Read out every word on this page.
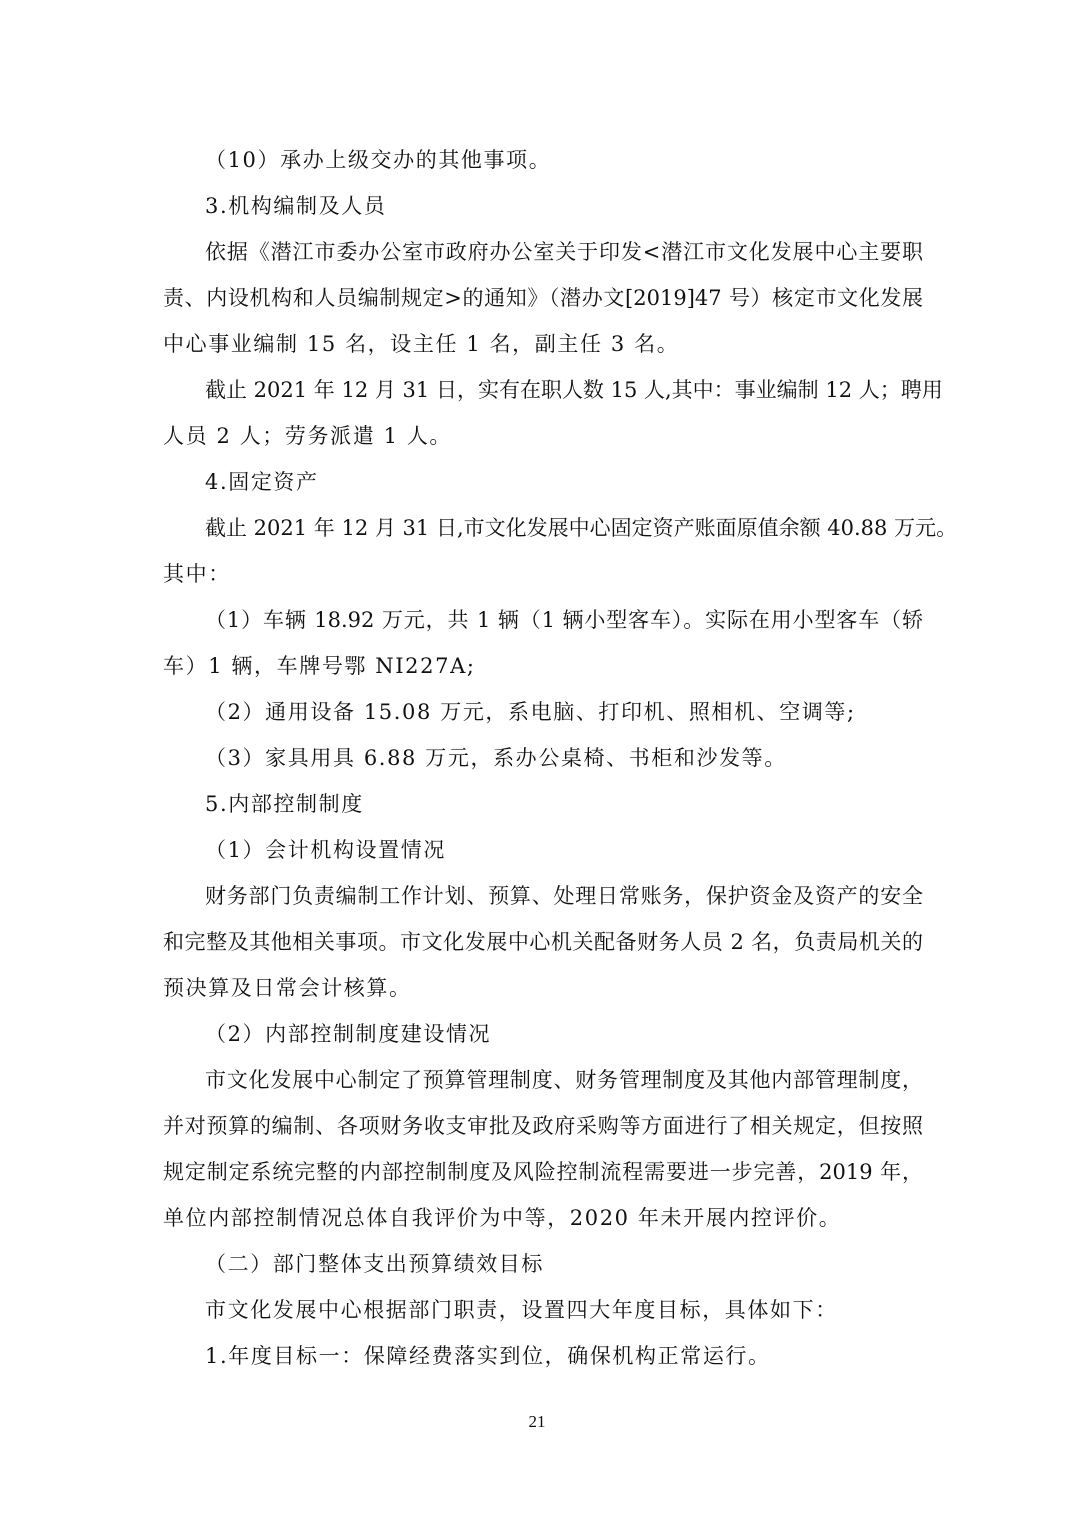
（10）承办上级交办的其他事项。
3.机构编制及人员
依据《潜江市委办公室市政府办公室关于印发<潜江市文化发展中心主要职
责、内设机构和人员编制规定>的通知》（潜办文[2019]47 号）核定市文化发展
中心事业编制 15 名，设主任 1 名，副主任 3 名。
截止 2021 年 12 月 31 日，实有在职人数 15 人,其中：事业编制 12 人；聘用
人员 2 人；劳务派遣 1 人。
4.固定资产
截止 2021 年 12 月 31 日,市文化发展中心固定资产账面原值余额 40.88 万元。
其中：
（1）车辆 18.92 万元，共 1 辆（1 辆小型客车）。实际在用小型客车（轿
车）1 辆，车牌号鄂 NI227A;
（2）通用设备 15.08 万元，系电脑、打印机、照相机、空调等;
（3）家具用具 6.88 万元，系办公桌椅、书柜和沙发等。
5.内部控制制度
（1）会计机构设置情况
财务部门负责编制工作计划、预算、处理日常账务，保护资金及资产的安全
和完整及其他相关事项。市文化发展中心机关配备财务人员 2 名，负责局机关的
预决算及日常会计核算。
（2）内部控制制度建设情况
市文化发展中心制定了预算管理制度、财务管理制度及其他内部管理制度，
并对预算的编制、各项财务收支审批及政府采购等方面进行了相关规定，但按照
规定制定系统完整的内部控制制度及风险控制流程需要进一步完善，2019 年，
单位内部控制情况总体自我评价为中等，2020 年未开展内控评价。
（二）部门整体支出预算绩效目标
市文化发展中心根据部门职责，设置四大年度目标，具体如下：
1.年度目标一：保障经费落实到位，确保机构正常运行。
21
